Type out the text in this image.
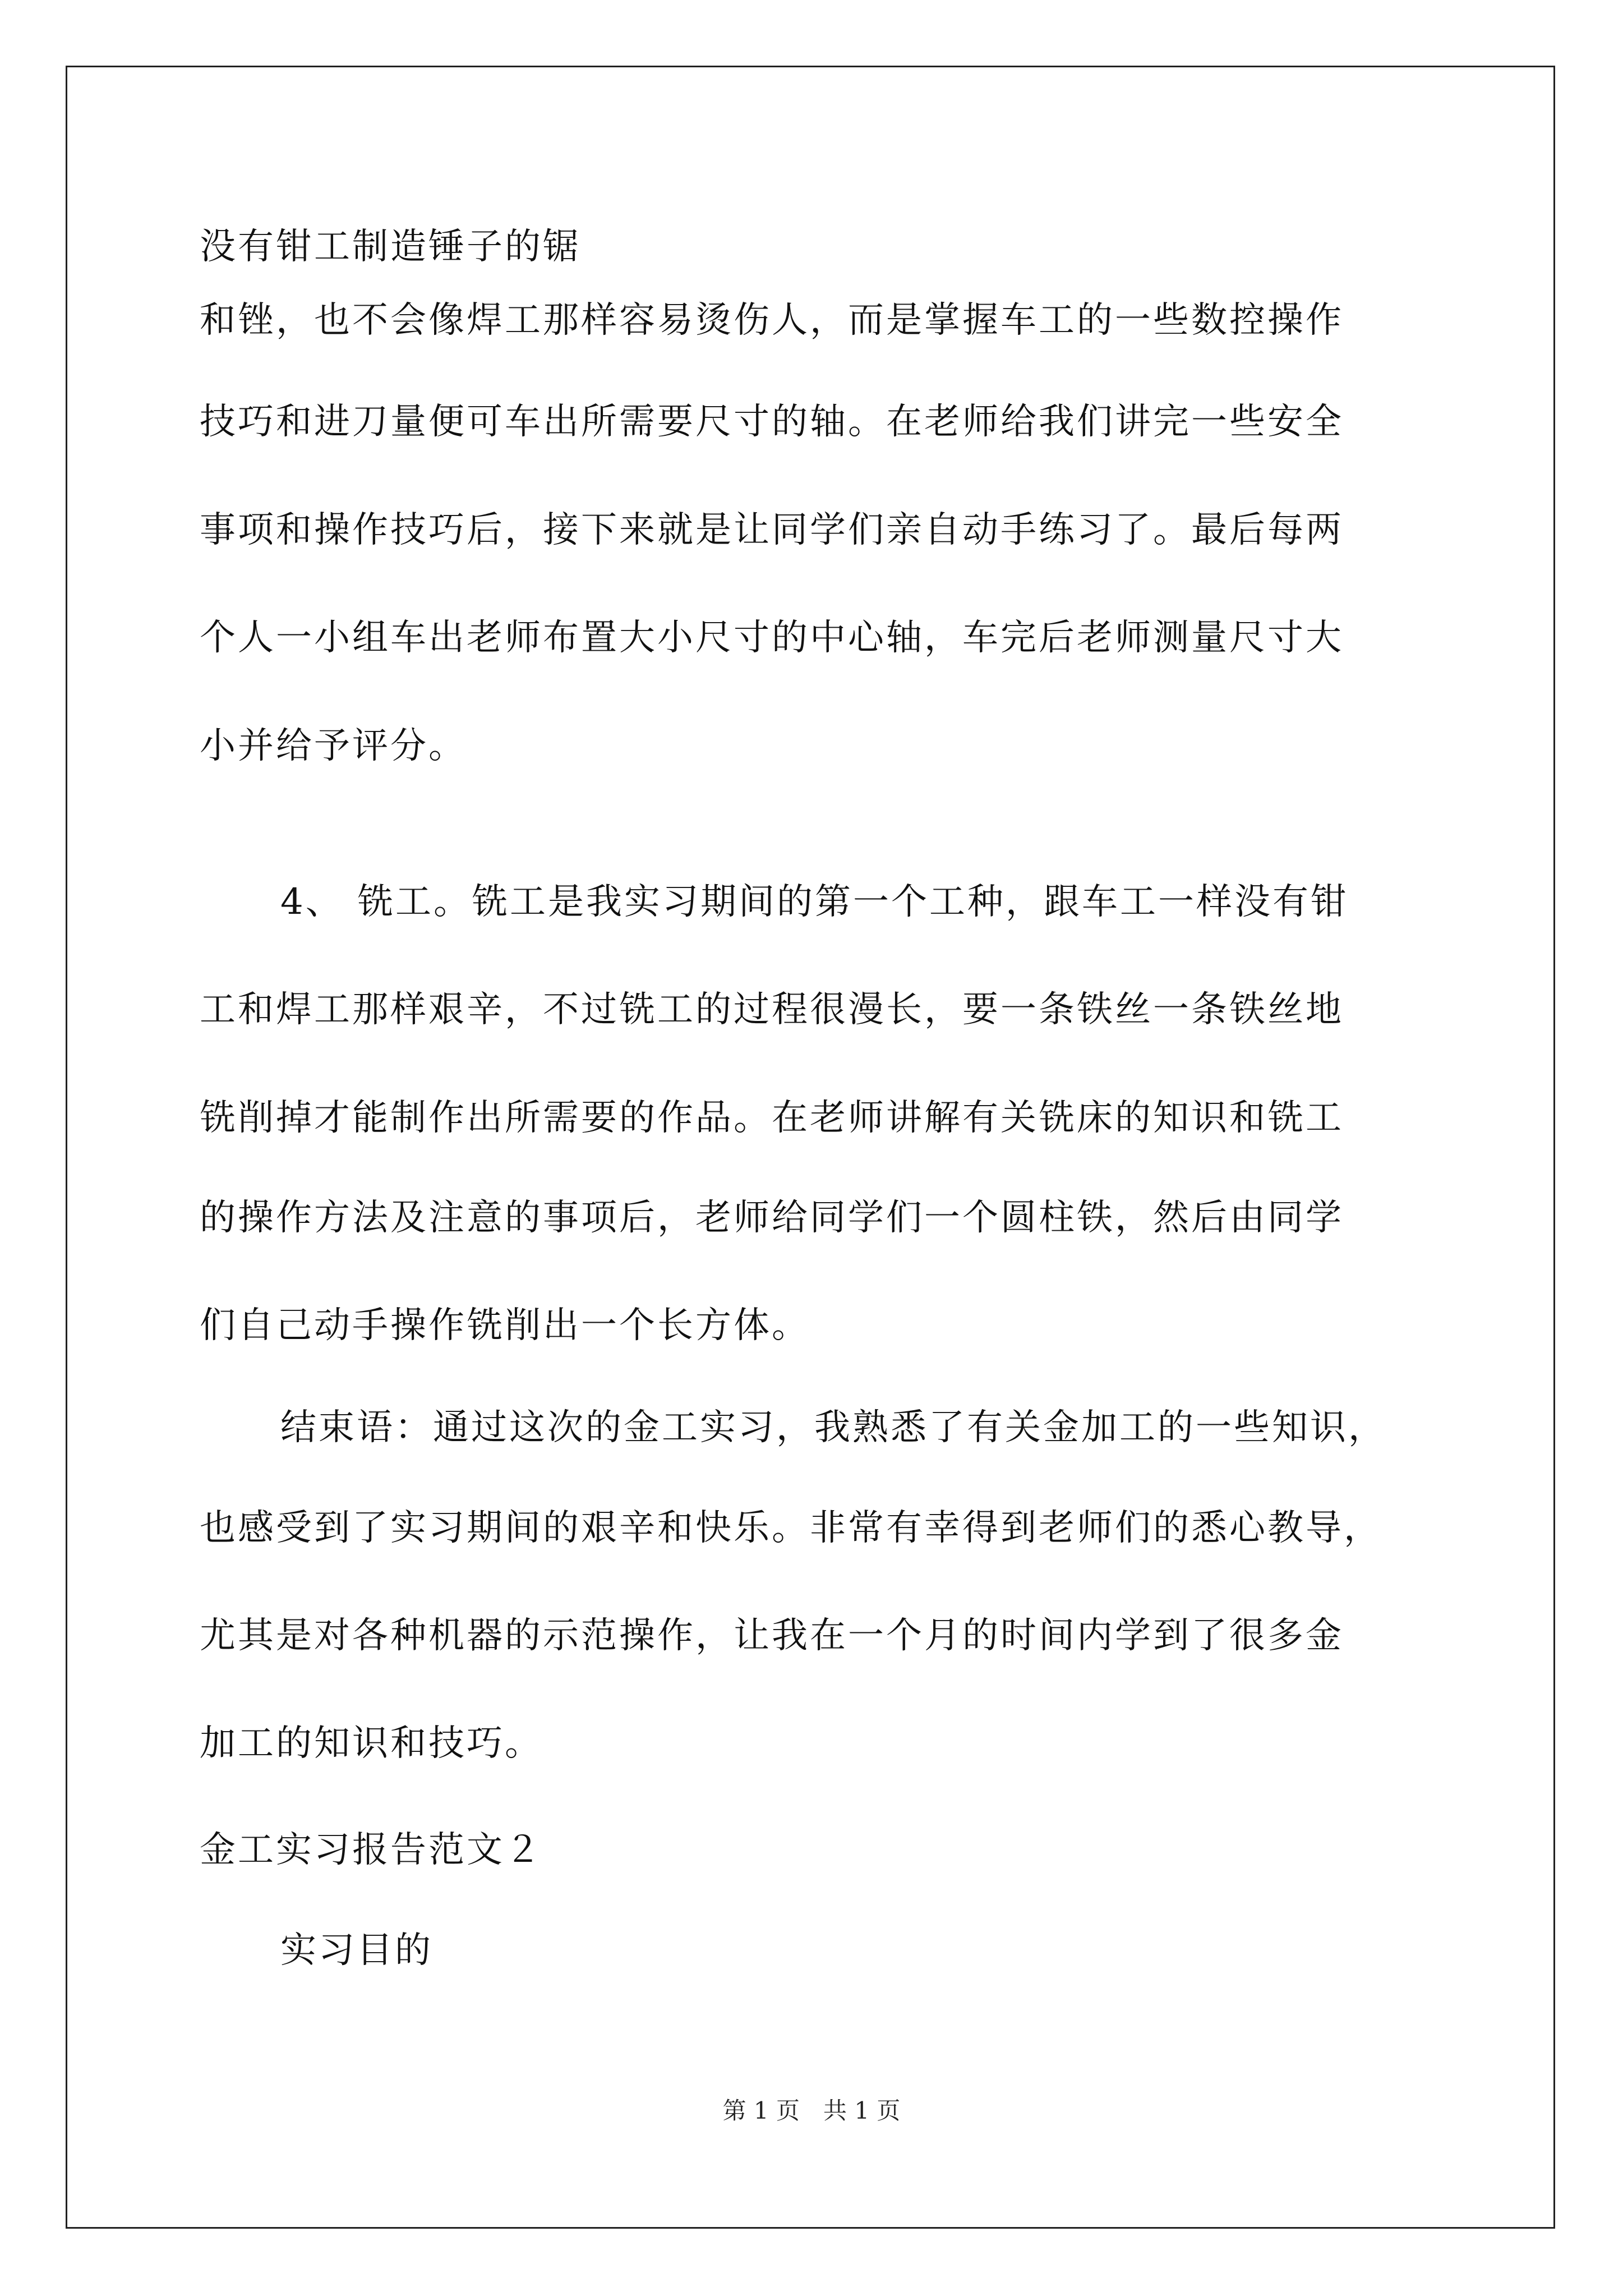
没有钳工制造锤子的锯
和锉，也不会像焊工那样容易烫伤人，而是掌握车工的一些数控操作
技巧和进刀量便可车出所需要尺寸的轴。在老师给我们讲完一些安全
事项和操作技巧后，接下来就是让同学们亲自动手练习了。最后每两
个人一小组车出老师布置大小尺寸的中心轴，车完后老师测量尺寸大
小并给予评分。
4、 铣工。铣工是我实习期间的第一个工种，跟车工一样没有钳
工和焊工那样艰辛，不过铣工的过程很漫长，要一条铁丝一条铁丝地
铣削掉才能制作出所需要的作品。在老师讲解有关铣床的知识和铣工
的操作方法及注意的事项后，老师给同学们一个圆柱铁，然后由同学
们自己动手操作铣削出一个长方体。
结束语：通过这次的金工实习，我熟悉了有关金加工的一些知识，
也感受到了实习期间的艰辛和快乐。非常有幸得到老师们的悉心教导，
尤其是对各种机器的示范操作，让我在一个月的时间内学到了很多金
加工的知识和技巧。
金工实习报告范文２
实习目的
第 1 页　共 1 页
